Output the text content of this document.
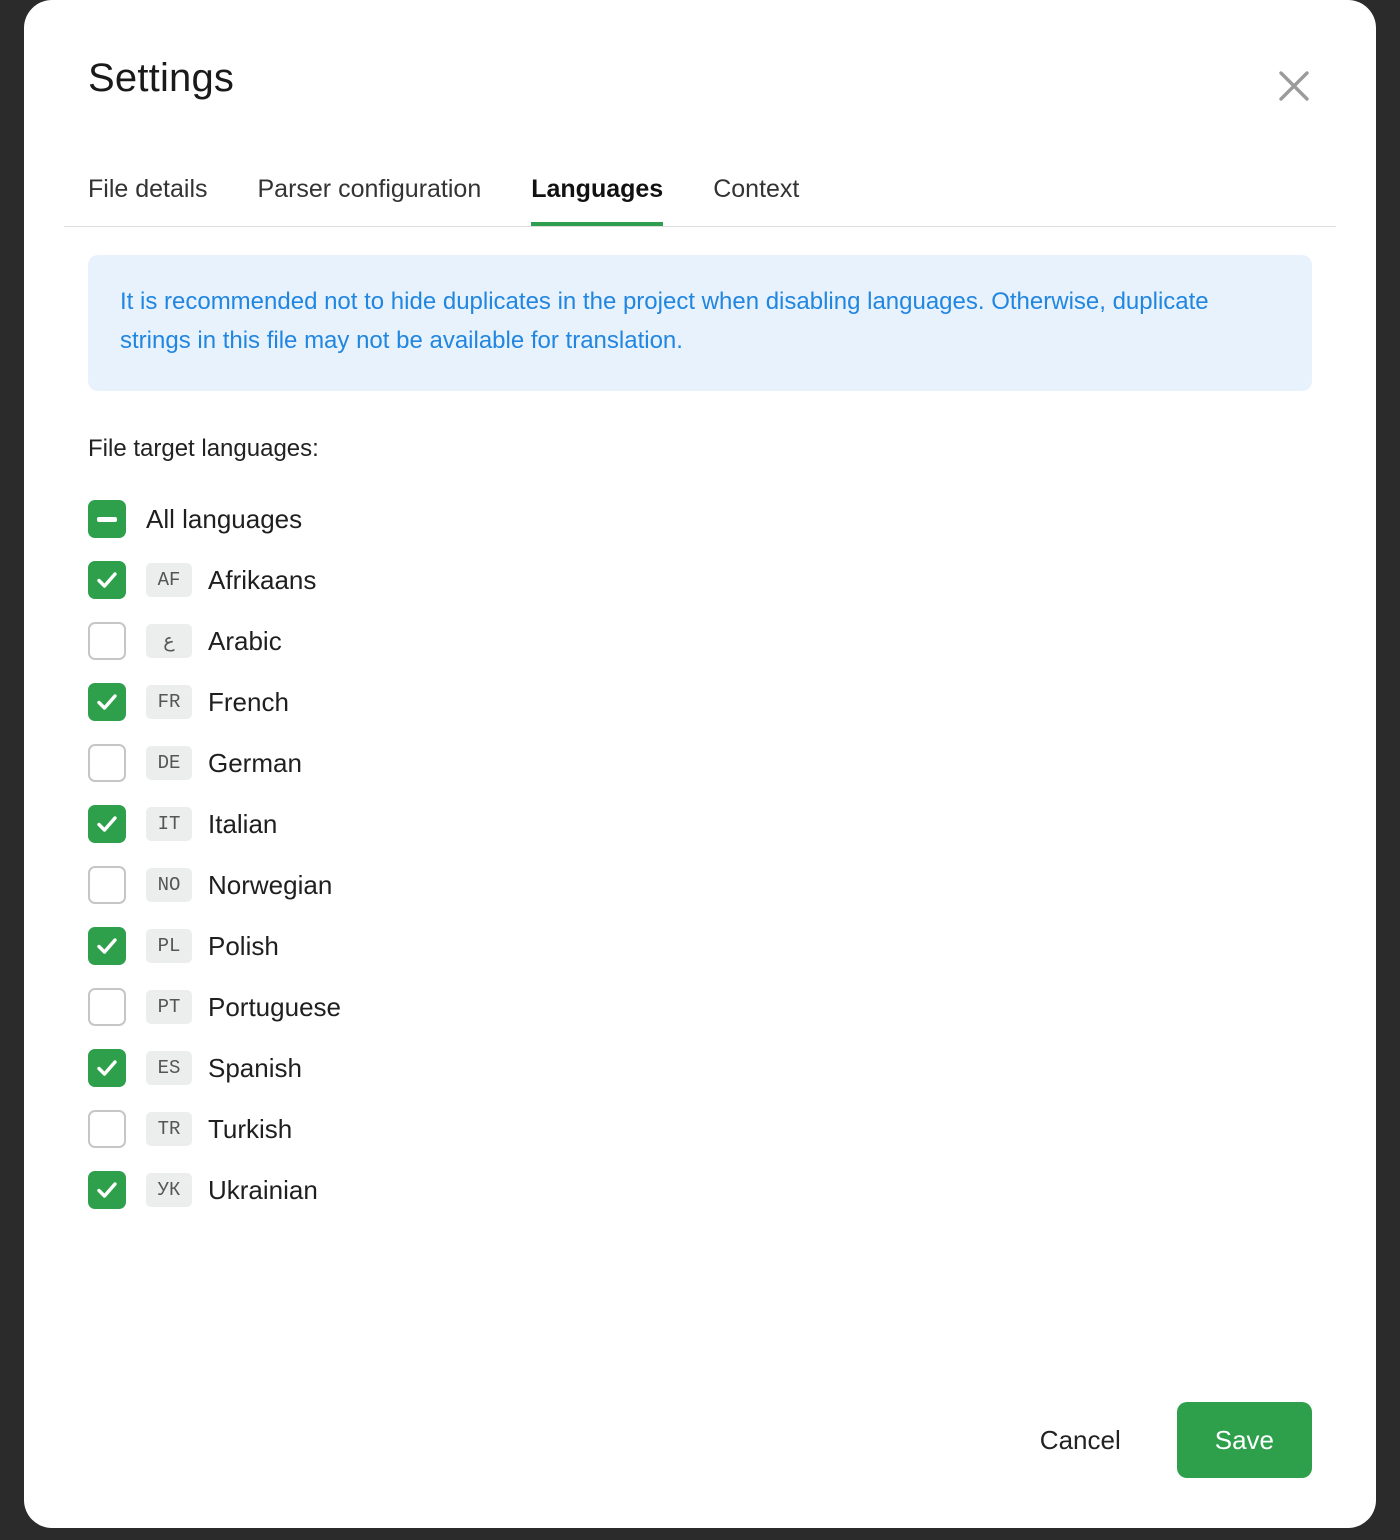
Settings
File details Parser configuration Languages Context

It is recommended not to hide duplicates in the project when disabling languages. Otherwise, duplicate strings in this file may not be available for translation.

File target languages:
All languages
AF	Afrikaans
ع	Arabic
FR	French
DE	German
IT	Italian
NO	Norwegian
PL	Polish
PT	Portuguese
ES	Spanish
TR	Turkish
УК	Ukrainian
Cancel	Save
